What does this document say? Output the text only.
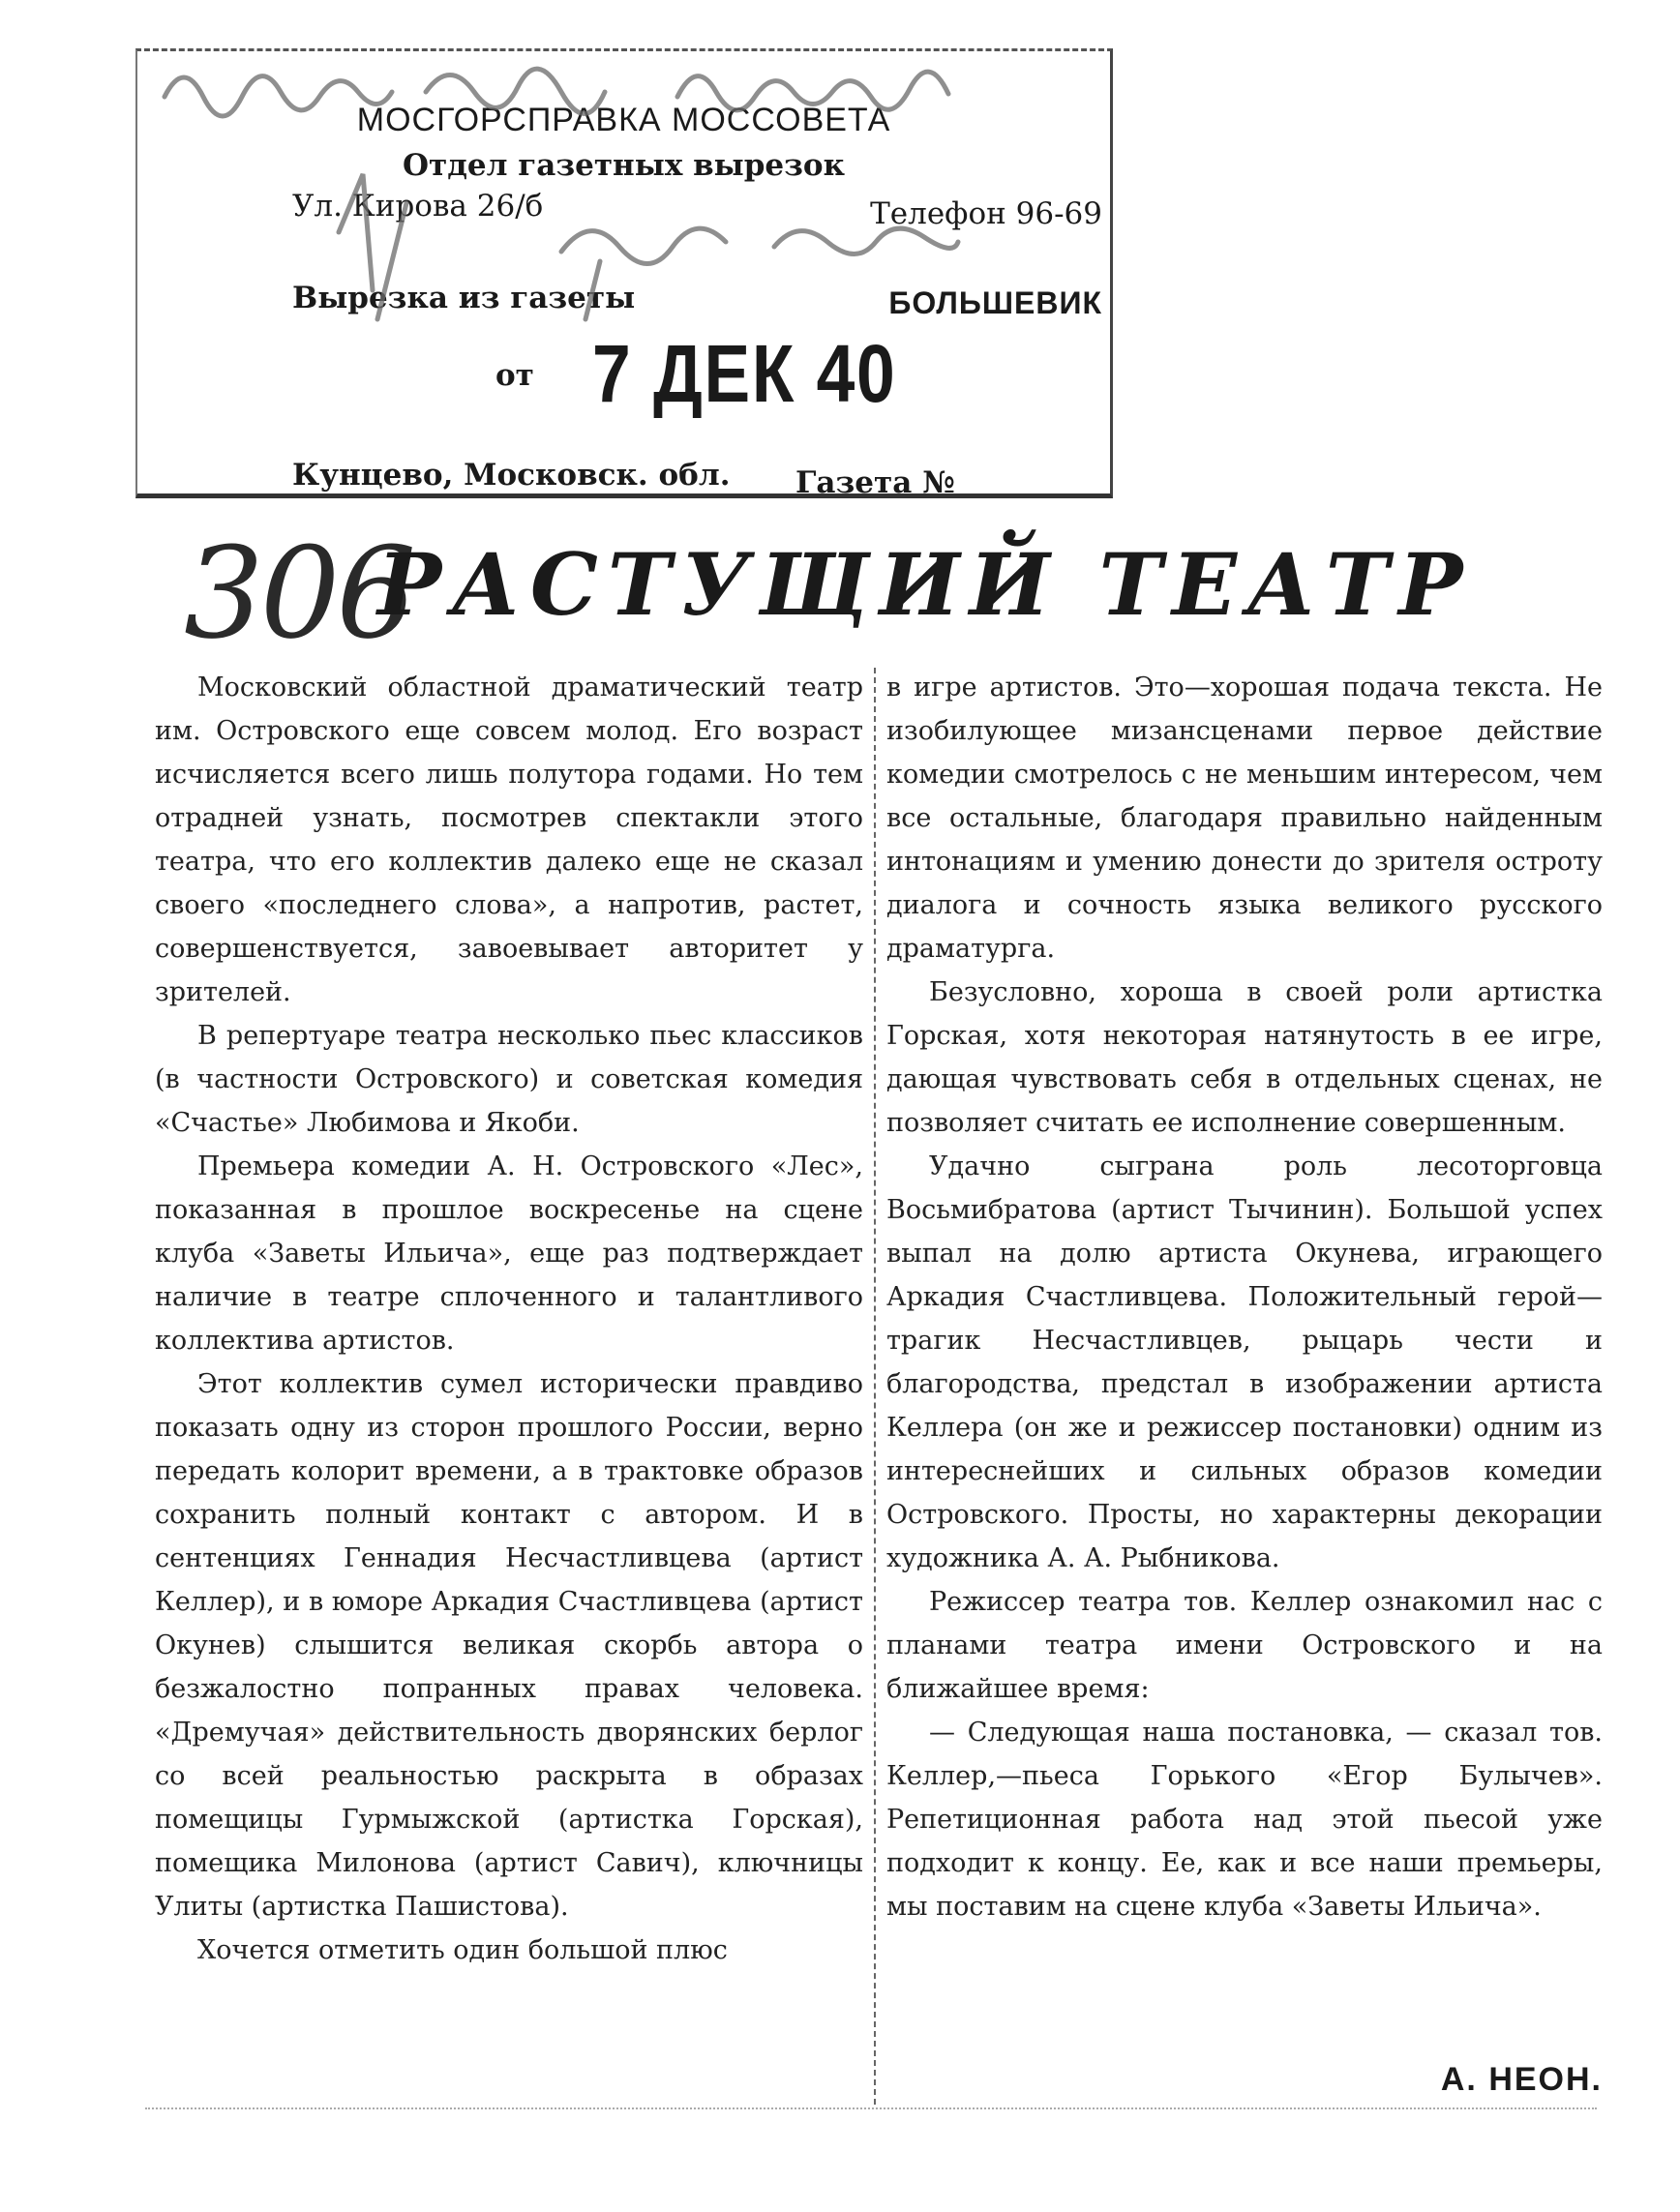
МОСГОРСПРАВКА МОССОВЕТА
Отдел газетных вырезок
Ул. Кирова 26/б	Телефон 96-69
Вырезка из газеты	БОЛЬШЕВИК
от 7 ДЕК 40
Кунцево, Московск. обл. Газета №
306
РАСТУЩИЙ ТЕАТР

Московский областной драматический театр им. Островского еще совсем молод. Его возраст исчисляется всего лишь полутора годами. Но тем отрадней узнать, посмотрев спектакли этого театра, что его коллектив далеко еще не сказал своего «последнего слова», а напротив, растет, совершенствуется, завоевывает авторитет у зрителей.

В репертуаре театра несколько пьес классиков (в частности Островского) и советская комедия «Счастье» Любимова и Якоби.

Премьера комедии А. Н. Островского «Лес», показанная в прошлое воскресенье на сцене клуба «Заветы Ильича», еще раз подтверждает наличие в театре сплоченного и талантливого коллектива артистов.

Этот коллектив сумел исторически правдиво показать одну из сторон прошлого России, верно передать колорит времени, а в трактовке образов сохранить полный контакт с автором. И в сентенциях Геннадия Несчастливцева (артист Келлер), и в юморе Аркадия Счастливцева (артист Окунев) слышится великая скорбь автора о безжалостно попранных правах человека. «Дремучая» действительность дворянских берлог со всей реальностью раскрыта в образах помещицы Гурмыжской (артистка Горская), помещика Милонова (артист Савич), ключницы Улиты (артистка Пашистова).

Хочется отметить один большой плюс

в игре артистов. Это—хорошая подача текста. Не изобилующее мизансценами первое действие комедии смотрелось с не меньшим интересом, чем все остальные, благодаря правильно найденным интонациям и умению донести до зрителя остроту диалога и сочность языка великого русского драматурга.

Безусловно, хороша в своей роли артистка Горская, хотя некоторая натянутость в ее игре, дающая чувствовать себя в отдельных сценах, не позволяет считать ее исполнение совершенным.

Удачно сыграна роль лесоторговца Восьмибратова (артист Тычинин). Большой успех выпал на долю артиста Окунева, играющего Аркадия Счастливцева. Положительный герой—трагик Несчастливцев, рыцарь чести и благородства, предстал в изображении артиста Келлера (он же и режиссер постановки) одним из интереснейших и сильных образов комедии Островского. Просты, но характерны декорации художника А. А. Рыбникова.

Режиссер театра тов. Келлер ознакомил нас с планами театра имени Островского и на ближайшее время:

— Следующая наша постановка, — сказал тов. Келлер,—пьеса Горького «Егор Булычев». Репетиционная работа над этой пьесой уже подходит к концу. Ее, как и все наши премьеры, мы поставим на сцене клуба «Заветы Ильича».

А. НЕОН.
